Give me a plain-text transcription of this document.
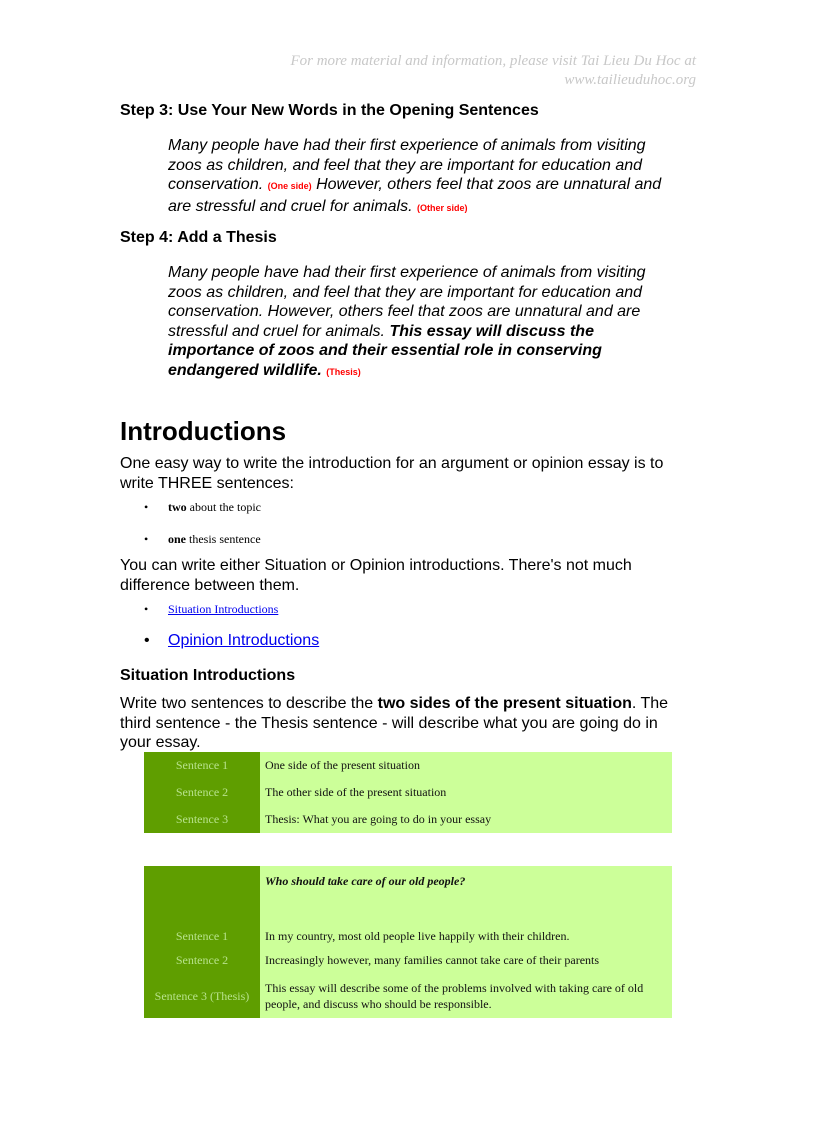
For more material and information, please visit Tai Lieu Du Hoc at
www.tailieuduhoc.org
Step 3: Use Your New Words in the Opening Sentences
Many people have had their first experience of animals from visiting zoos as children, and feel that they are important for education and conservation. (One side) However, others feel that zoos are unnatural and are stressful and cruel for animals. (Other side)
Step 4: Add a Thesis
Many people have had their first experience of animals from visiting zoos as children, and feel that they are important for education and conservation. However, others feel that zoos are unnatural and are stressful and cruel for animals. This essay will discuss the importance of zoos and their essential role in conserving endangered wildlife. (Thesis)
Introductions
One easy way to write the introduction for an argument or opinion essay is to write THREE sentences:
• two about the topic
• one thesis sentence
You can write either Situation or Opinion introductions. There's not much difference between them.
• Situation Introductions
• Opinion Introductions
Situation Introductions
Write two sentences to describe the two sides of the present situation. The third sentence - the Thesis sentence - will describe what you are going do in your essay.
Sentence 1	One side of the present situation
Sentence 2	The other side of the present situation
Sentence 3	Thesis: What you are going to do in your essay
	Who should take care of our old people?
Sentence 1	In my country, most old people live happily with their children.
Sentence 2	Increasingly however, many families cannot take care of their parents
Sentence 3 (Thesis)	This essay will describe some of the problems involved with taking care of old people, and discuss who should be responsible.
